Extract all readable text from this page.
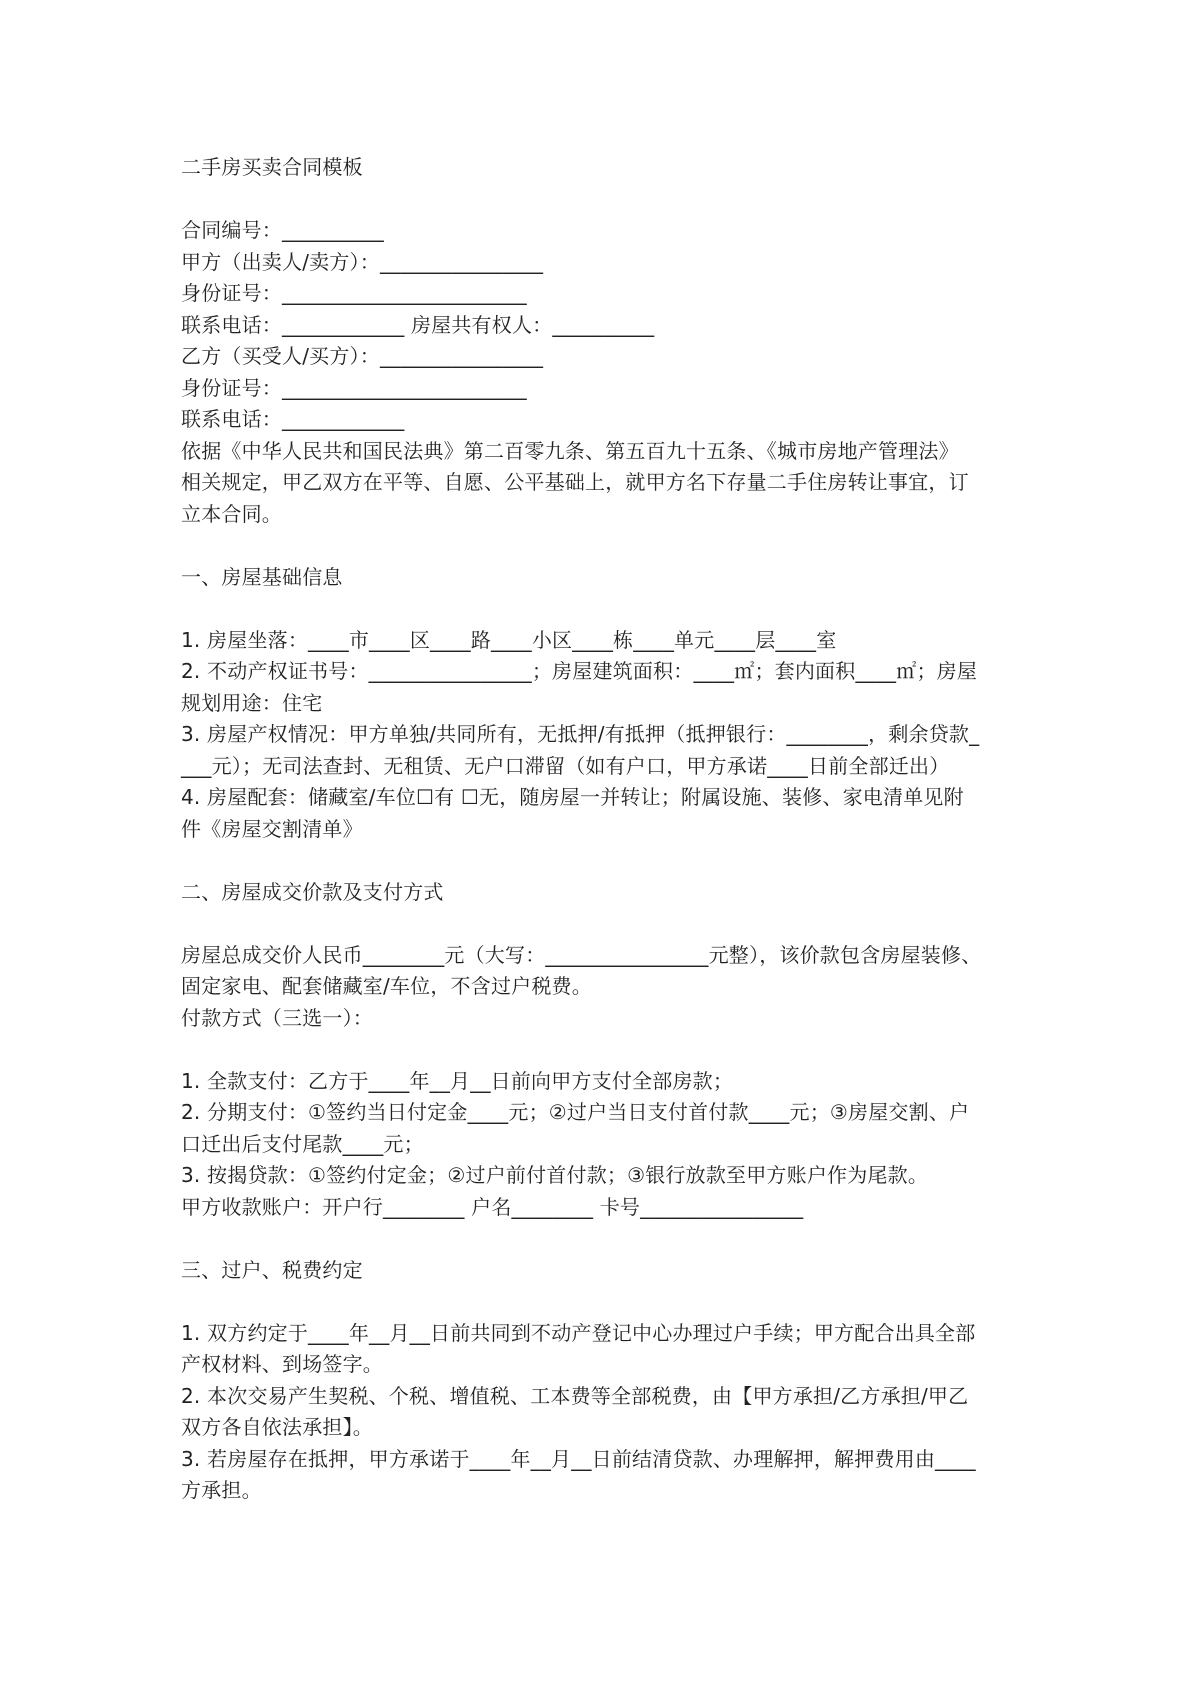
二手房买卖合同模板

合同编号：__________

甲方（出卖人/卖方）：________________

身份证号：________________________

联系电话：____________ 房屋共有权人：__________

乙方（买受人/买方）：________________

身份证号：________________________

联系电话：____________

依据《中华人民共和国民法典》第二百零九条、第五百九十五条、《城市房地产管理法》

相关规定，甲乙双方在平等、自愿、公平基础上，就甲方名下存量二手住房转让事宜，订

立本合同。

一、房屋基础信息

1. 房屋坐落：____市____区____路____小区____栋____单元____层____室

2. 不动产权证书号：________________；房屋建筑面积：____㎡；套内面积____㎡；房屋

规划用途：住宅

3. 房屋产权情况：甲方单独/共同所有，无抵押/有抵押（抵押银行：________，剩余贷款_

___元）；无司法查封、无租赁、无户口滞留（如有户口，甲方承诺____日前全部迁出）

4. 房屋配套：储藏室/车位☐有 ☐无，随房屋一并转让；附属设施、装修、家电清单见附

件《房屋交割清单》

二、房屋成交价款及支付方式

房屋总成交价人民币________元（大写：________________元整），该价款包含房屋装修、

固定家电、配套储藏室/车位，不含过户税费。

付款方式（三选一）：

1. 全款支付：乙方于____年__月__日前向甲方支付全部房款；

2. 分期支付：①签约当日付定金____元；②过户当日支付首付款____元；③房屋交割、户

口迁出后支付尾款____元；

3. 按揭贷款：①签约付定金；②过户前付首付款；③银行放款至甲方账户作为尾款。

甲方收款账户：开户行________ 户名________ 卡号________________

三、过户、税费约定

1. 双方约定于____年__月__日前共同到不动产登记中心办理过户手续；甲方配合出具全部

产权材料、到场签字。

2. 本次交易产生契税、个税、增值税、工本费等全部税费，由【甲方承担/乙方承担/甲乙

双方各自依法承担】。

3. 若房屋存在抵押，甲方承诺于____年__月__日前结清贷款、办理解押，解押费用由____

方承担。
